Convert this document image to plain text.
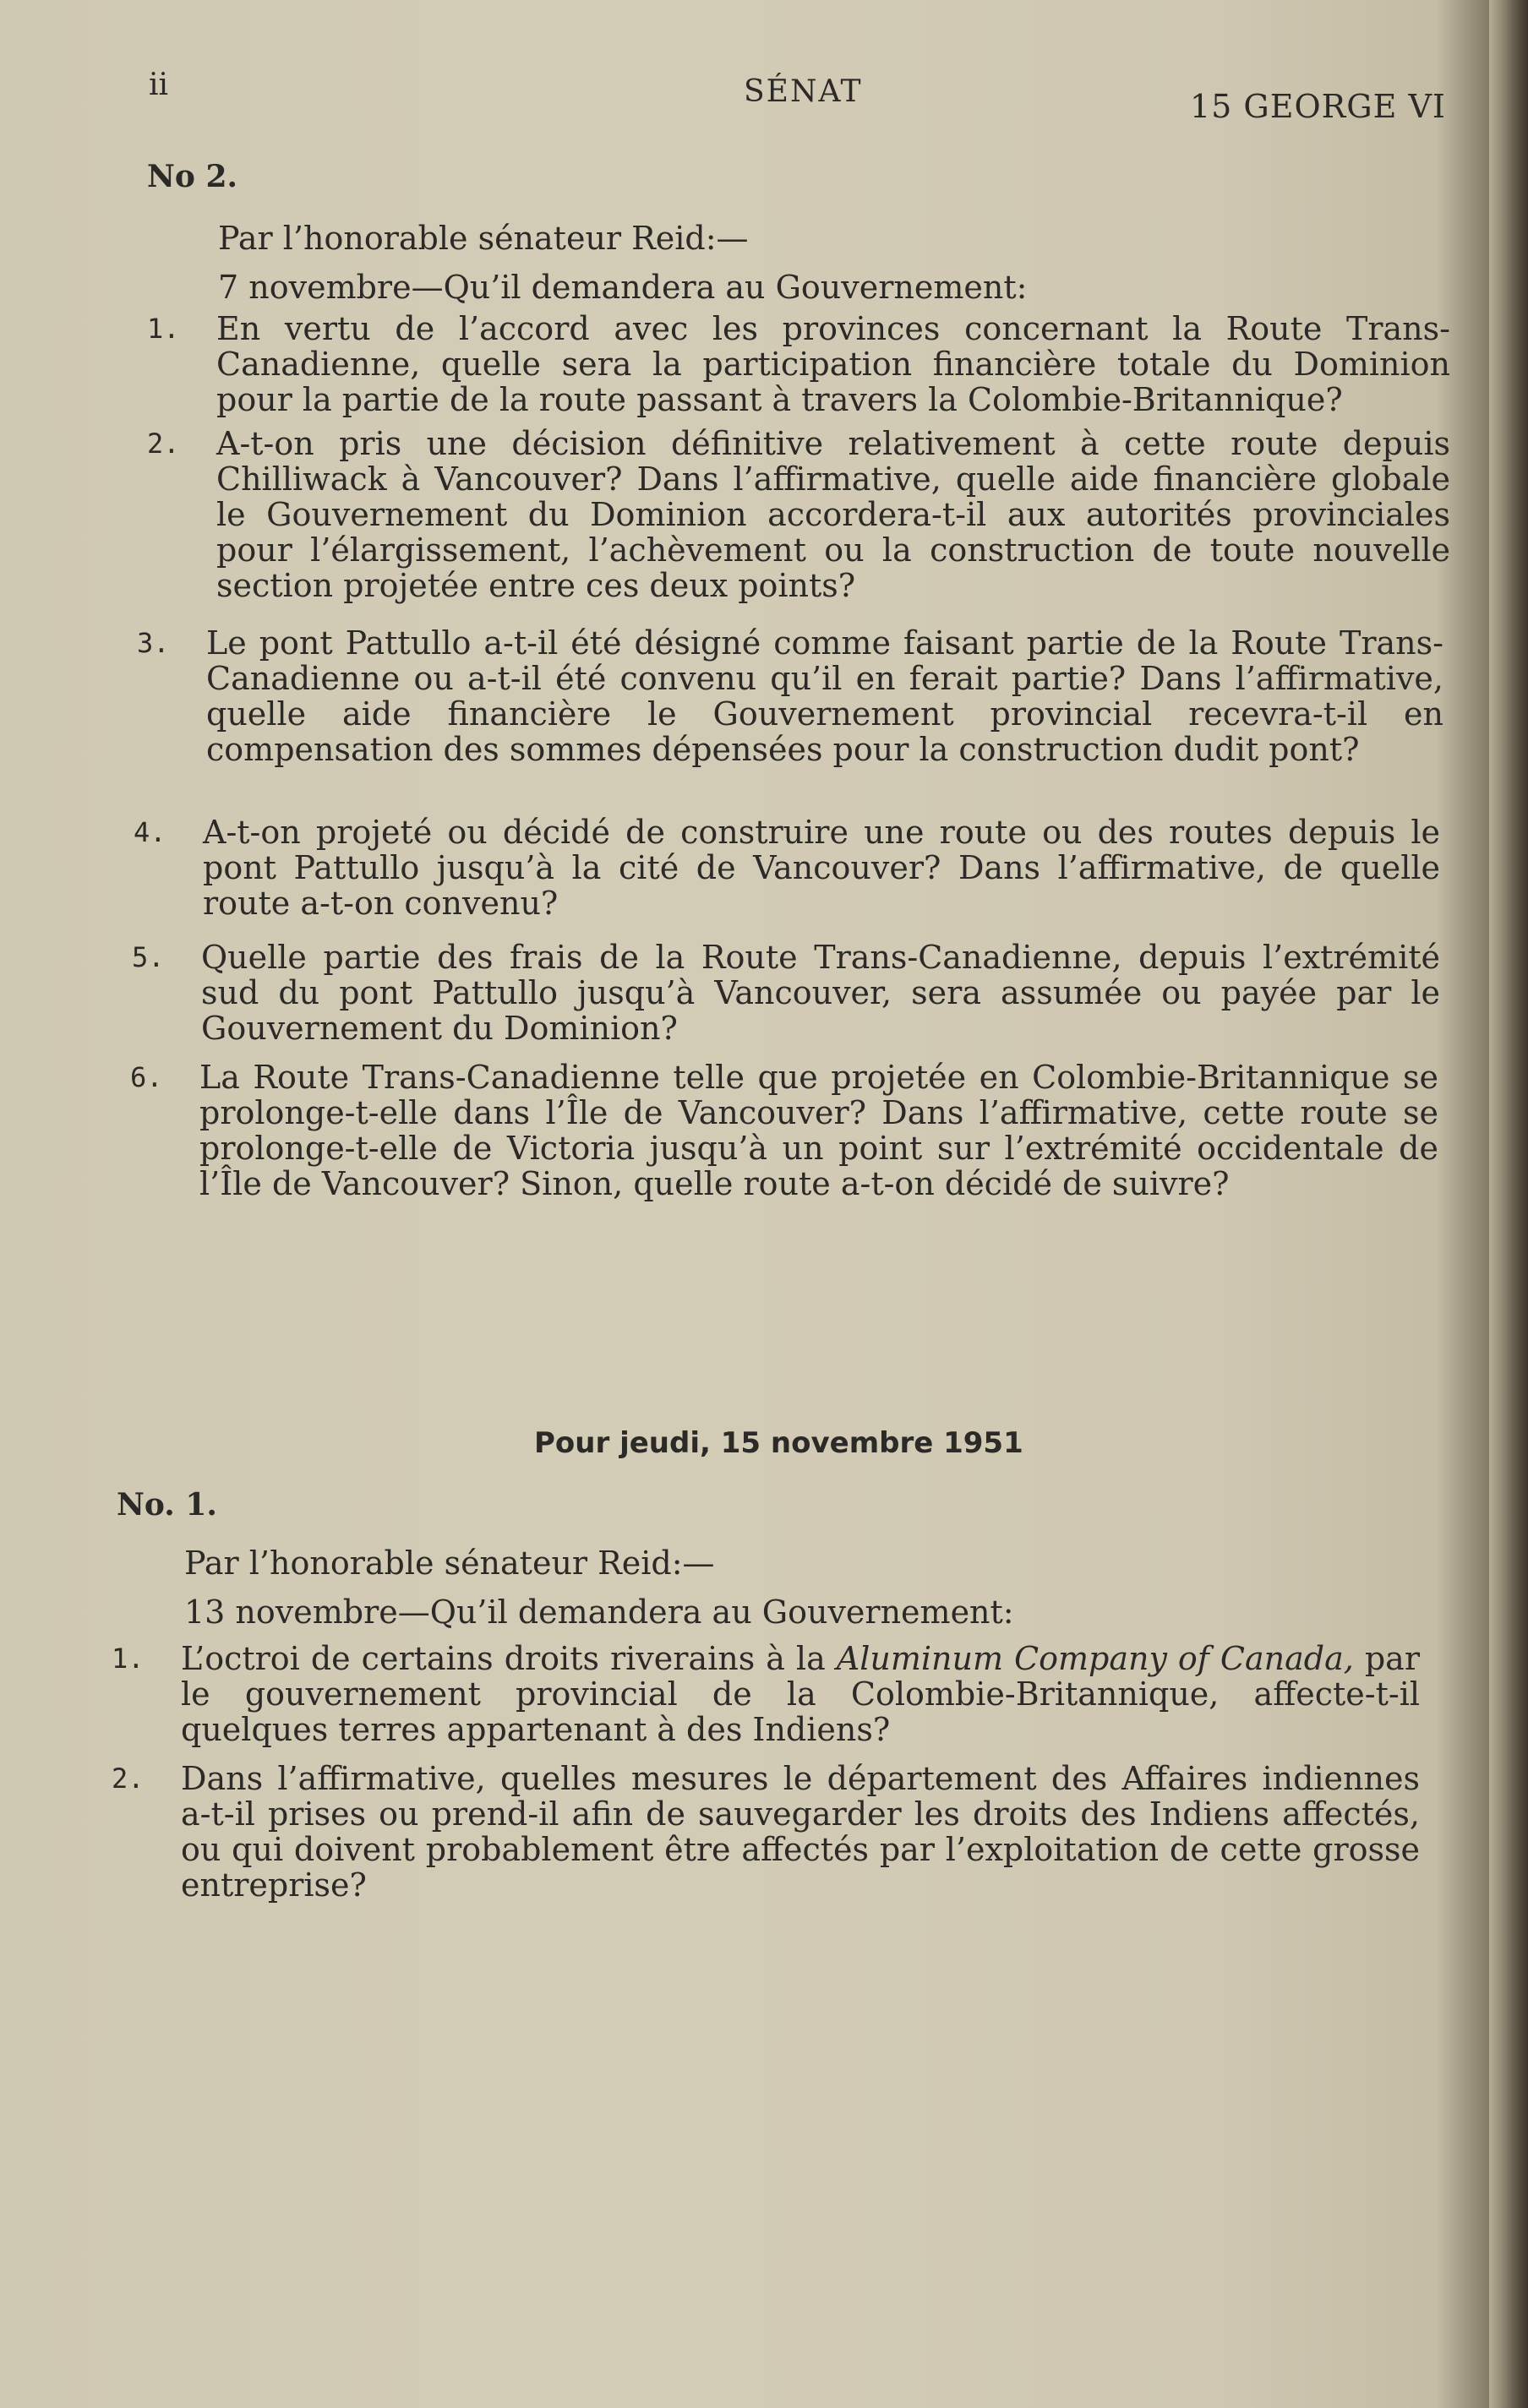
ii	SÉNAT	15 GEORGE VI
No 2.
Par l’honorable sénateur Reid:—
7 novembre—Qu’il demandera au Gouvernement:
1. En vertu de l’accord avec les provinces concernant la Route Trans-Canadienne, quelle sera la participation financière totale du Dominion pour la partie de la route passant à travers la Colombie-Britannique?
2. A-t-on pris une décision définitive relativement à cette route depuis Chilliwack à Vancouver? Dans l’affirmative, quelle aide financière globale le Gouvernement du Dominion accordera-t-il aux autorités provinciales pour l’élargissement, l’achèvement ou la construction de toute nouvelle section projetée entre ces deux points?
3. Le pont Pattullo a-t-il été désigné comme faisant partie de la Route Trans-Canadienne ou a-t-il été convenu qu’il en ferait partie? Dans l’affirmative, quelle aide financière le Gouvernement provincial recevra-t-il en compensation des sommes dépensées pour la construction dudit pont?
4. A-t-on projeté ou décidé de construire une route ou des routes depuis le pont Pattullo jusqu’à la cité de Vancouver? Dans l’affirmative, de quelle route a-t-on convenu?
5. Quelle partie des frais de la Route Trans-Canadienne, depuis l’extrémité sud du pont Pattullo jusqu’à Vancouver, sera assumée ou payée par le Gouvernement du Dominion?
6. La Route Trans-Canadienne telle que projetée en Colombie-Britannique se prolonge-t-elle dans l’Île de Vancouver? Dans l’affirmative, cette route se prolonge-t-elle de Victoria jusqu’à un point sur l’extrémité occidentale de l’Île de Vancouver? Sinon, quelle route a-t-on décidé de suivre?
Pour jeudi, 15 novembre 1951
No. 1.
Par l’honorable sénateur Reid:—
13 novembre—Qu’il demandera au Gouvernement:
1. L’octroi de certains droits riverains à la Aluminum Company of Canada, par le gouvernement provincial de la Colombie-Britannique, affecte-t-il quelques terres appartenant à des Indiens?
2. Dans l’affirmative, quelles mesures le département des Affaires indiennes a-t-il prises ou prend-il afin de sauvegarder les droits des Indiens affectés, ou qui doivent probablement être affectés par l’exploitation de cette grosse entreprise?
